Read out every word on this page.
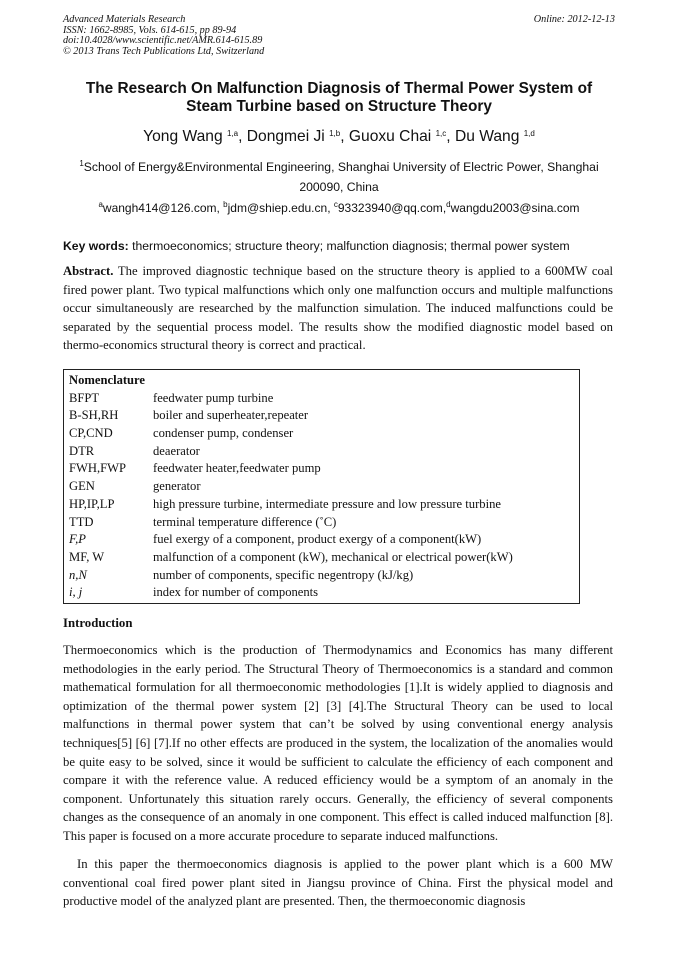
Advanced Materials Research
ISSN: 1662-8985, Vols. 614-615, pp 89-94
doi:10.4028/www.scientific.net/AMR.614-615.89
© 2013 Trans Tech Publications Ltd, Switzerland
Online: 2012-12-13
The Research On Malfunction Diagnosis of Thermal Power System of
Steam Turbine based on Structure Theory
Yong Wang $^{1,a}$, Dongmei Ji $^{1,b}$, Guoxu Chai $^{1,c}$, Du Wang $^{1,d}$
$^1$School of Energy&Environmental Engineering, Shanghai University of Electric Power, Shanghai
200090, China
$^a$wangh414@126.com, $^b$jdm@shiep.edu.cn, $^c$93323940@qq.com,$^d$wangdu2003@sina.com
Key words: thermoeconomics; structure theory; malfunction diagnosis; thermal power system
Abstract. The improved diagnostic technique based on the structure theory is applied to a 600MW coal fired power plant. Two typical malfunctions which only one malfunction occurs and multiple malfunctions occur simultaneously are researched by the malfunction simulation. The induced malfunctions could be separated by the sequential process model. The results show the modified diagnostic model based on thermo-economics structural theory is correct and practical.
Nomenclature
BFPT	feedwater pump turbine
B-SH,RH	boiler and superheater,repeater
CP,CND	condenser pump, condenser
DTR	deaerator
FWH,FWP	feedwater heater,feedwater pump
GEN	generator
HP,IP,LP	high pressure turbine, intermediate pressure and low pressure turbine
TTD	terminal temperature difference (˚C)
F,P	fuel exergy of a component, product exergy of a component(kW)
MF, W	malfunction of a component (kW), mechanical or electrical power(kW)
n,N	number of components, specific negentropy (kJ/kg)
i, j	index for number of components
Introduction
Thermoeconomics which is the production of Thermodynamics and Economics has many different methodologies in the early period. The Structural Theory of Thermoeconomics is a standard and common mathematical formulation for all thermoeconomic methodologies [1].It is widely applied to diagnosis and optimization of the thermal power system [2] [3] [4].The Structural Theory can be used to local malfunctions in thermal power system that can’t be solved by using conventional energy analysis techniques[5] [6] [7].If no other effects are produced in the system, the localization of the anomalies would be quite easy to be solved, since it would be sufficient to calculate the efficiency of each component and compare it with the reference value. A reduced efficiency would be a symptom of an anomaly in the component. Unfortunately this situation rarely occurs. Generally, the efficiency of several components changes as the consequence of an anomaly in one component. This effect is called induced malfunction [8]. This paper is focused on a more accurate procedure to separate induced malfunctions.
In this paper the thermoeconomics diagnosis is applied to the power plant which is a 600 MW conventional coal fired power plant sited in Jiangsu province of China. First the physical model and productive model of the analyzed plant are presented. Then, the thermoeconomic diagnosis
